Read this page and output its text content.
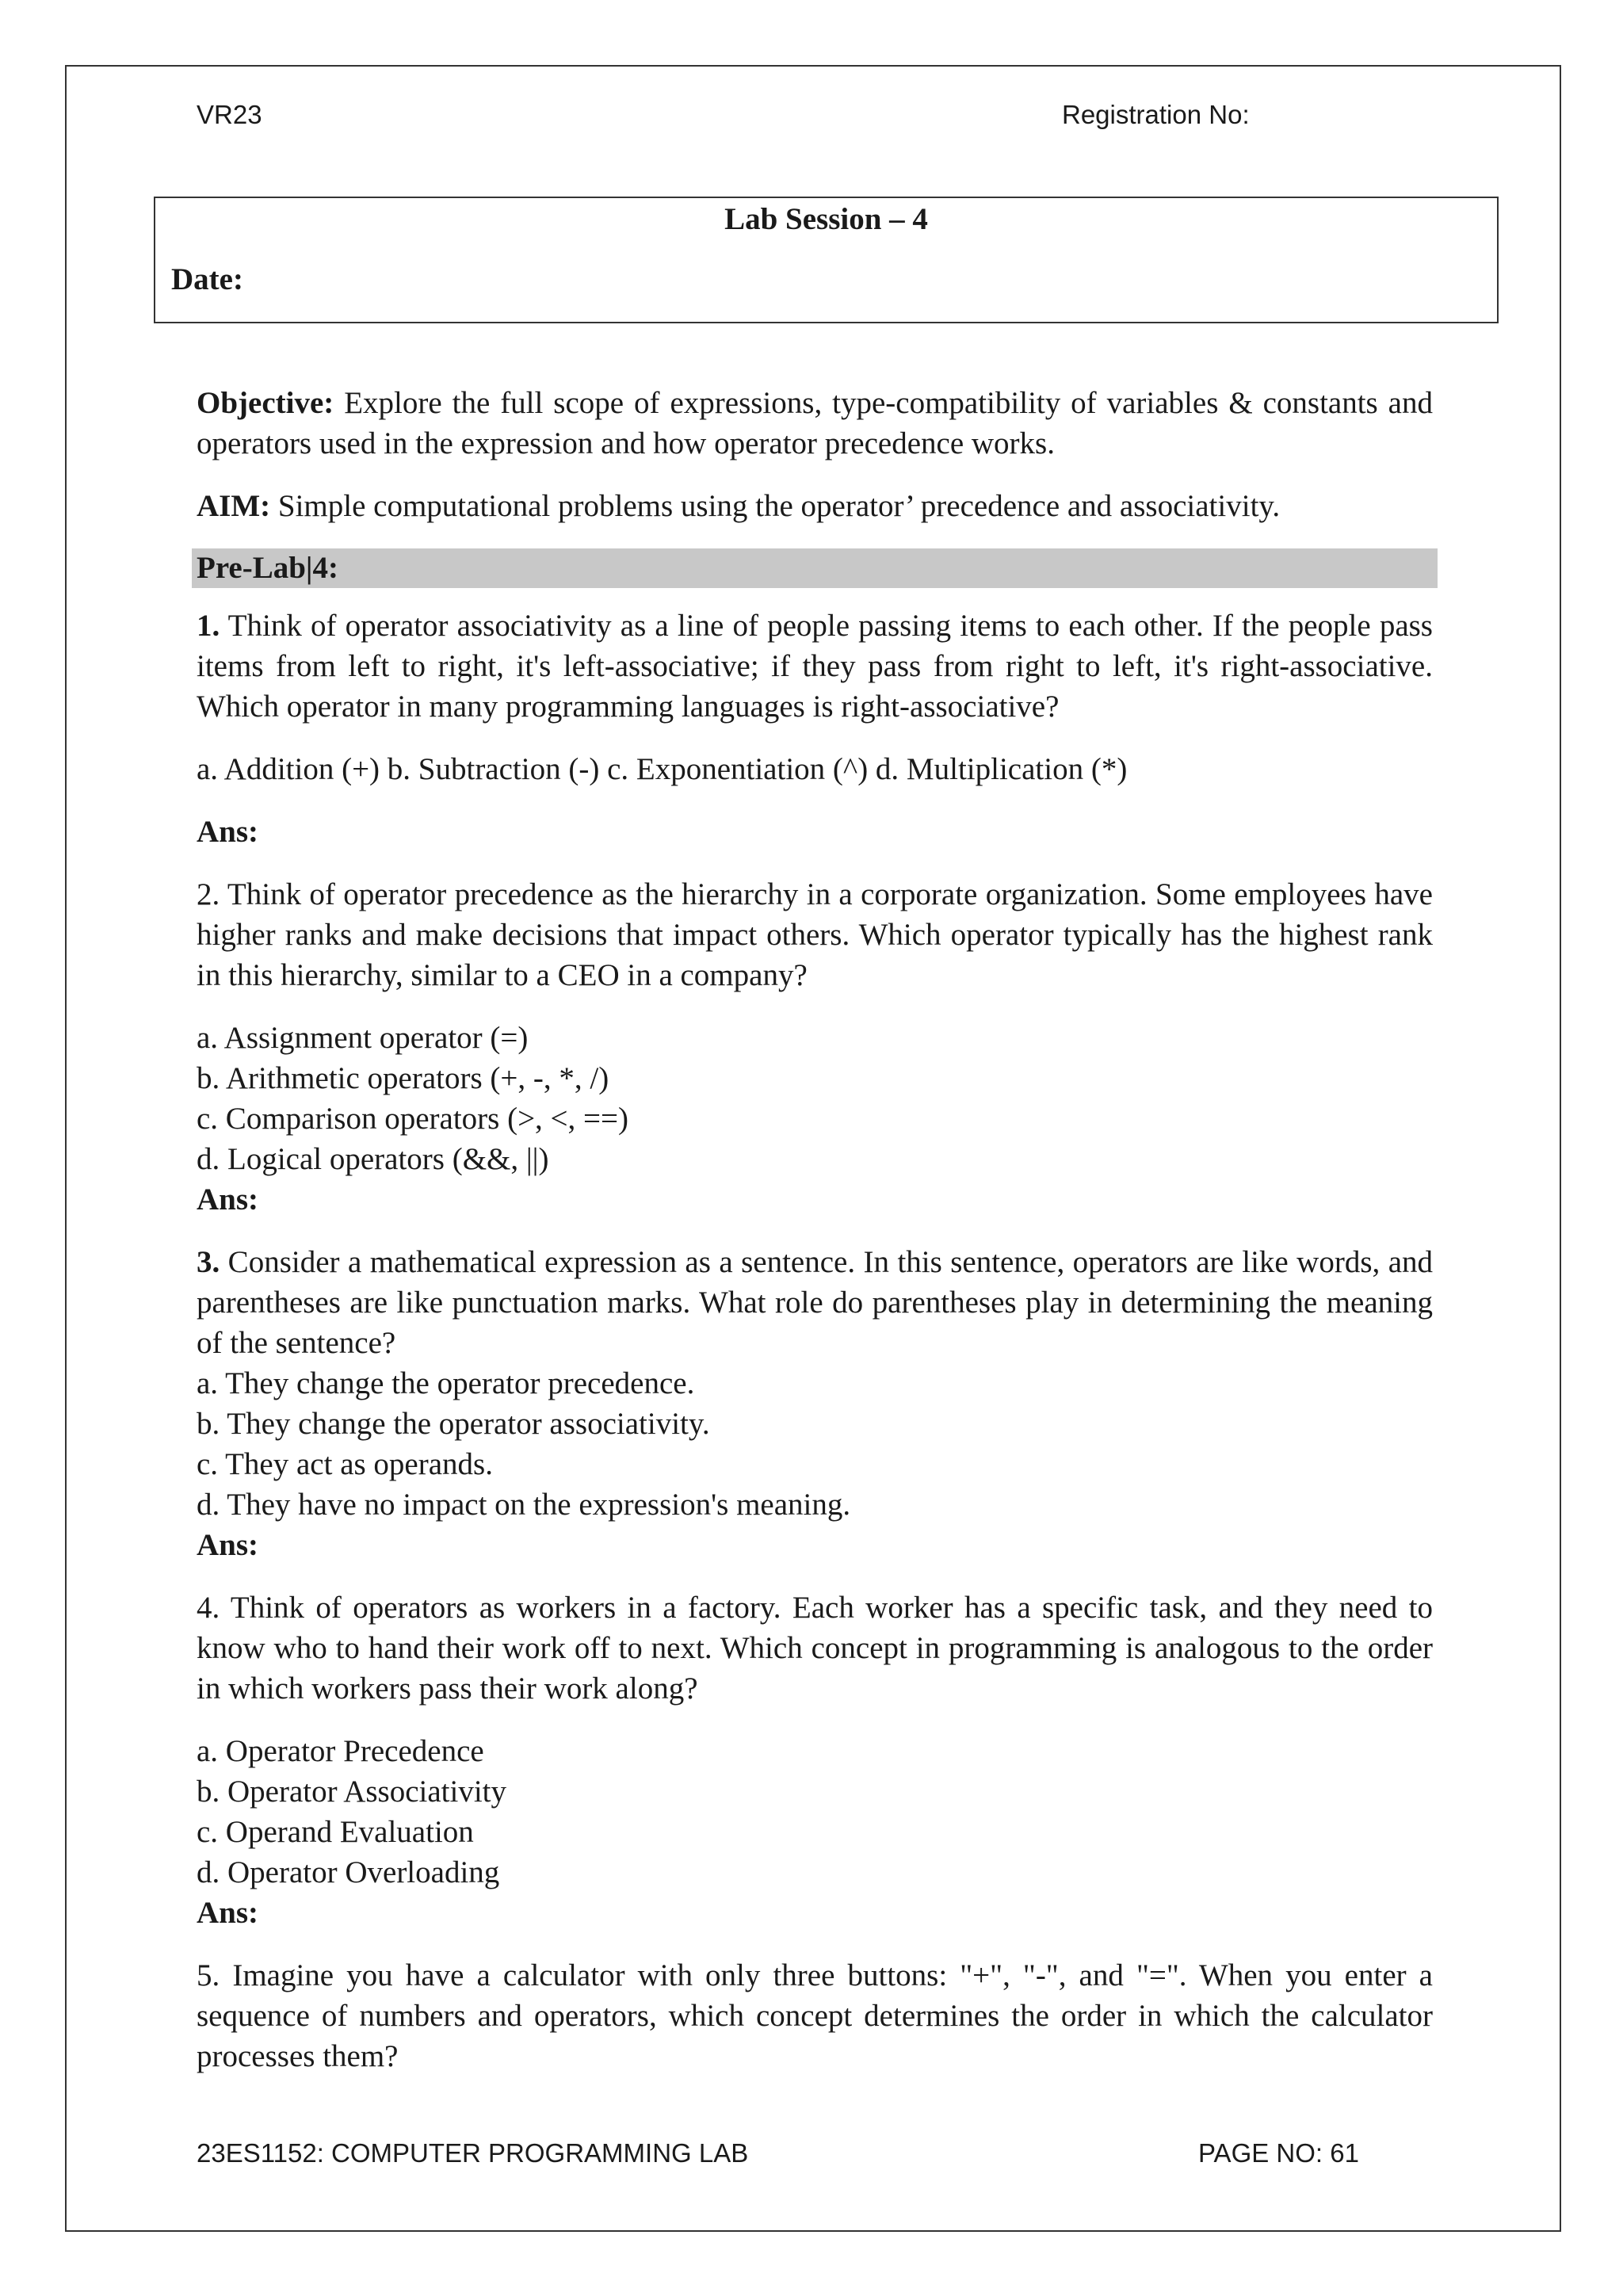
VR23	Registration No:
Lab Session – 4
Date:

Objective: Explore the full scope of expressions, type-compatibility of variables & constants and operators used in the expression and how operator precedence works.

AIM: Simple computational problems using the operator’ precedence and associativity.

Pre-Lab|4:

1. Think of operator associativity as a line of people passing items to each other. If the people pass items from left to right, it's left-associative; if they pass from right to left, it's right-associative. Which operator in many programming languages is right-associative?

a. Addition (+) b. Subtraction (-) c. Exponentiation (^) d. Multiplication (*)

Ans:

2. Think of operator precedence as the hierarchy in a corporate organization. Some employees have higher ranks and make decisions that impact others. Which operator typically has the highest rank in this hierarchy, similar to a CEO in a company?

a. Assignment operator (=)

b. Arithmetic operators (+, -, *, /)

c. Comparison operators (>, <, ==)

d. Logical operators (&&, ||)

Ans:

3. Consider a mathematical expression as a sentence. In this sentence, operators are like words, and parentheses are like punctuation marks. What role do parentheses play in determining the meaning of the sentence?

a. They change the operator precedence.

b. They change the operator associativity.

c. They act as operands.

d. They have no impact on the expression's meaning.

Ans:

4. Think of operators as workers in a factory. Each worker has a specific task, and they need to know who to hand their work off to next. Which concept in programming is analogous to the order in which workers pass their work along?

a. Operator Precedence

b. Operator Associativity

c. Operand Evaluation

d. Operator Overloading

Ans:

5. Imagine you have a calculator with only three buttons: "+", "-", and "=". When you enter a sequence of numbers and operators, which concept determines the order in which the calculator processes them?

23ES1152: COMPUTER PROGRAMMING LAB	PAGE NO: 61
